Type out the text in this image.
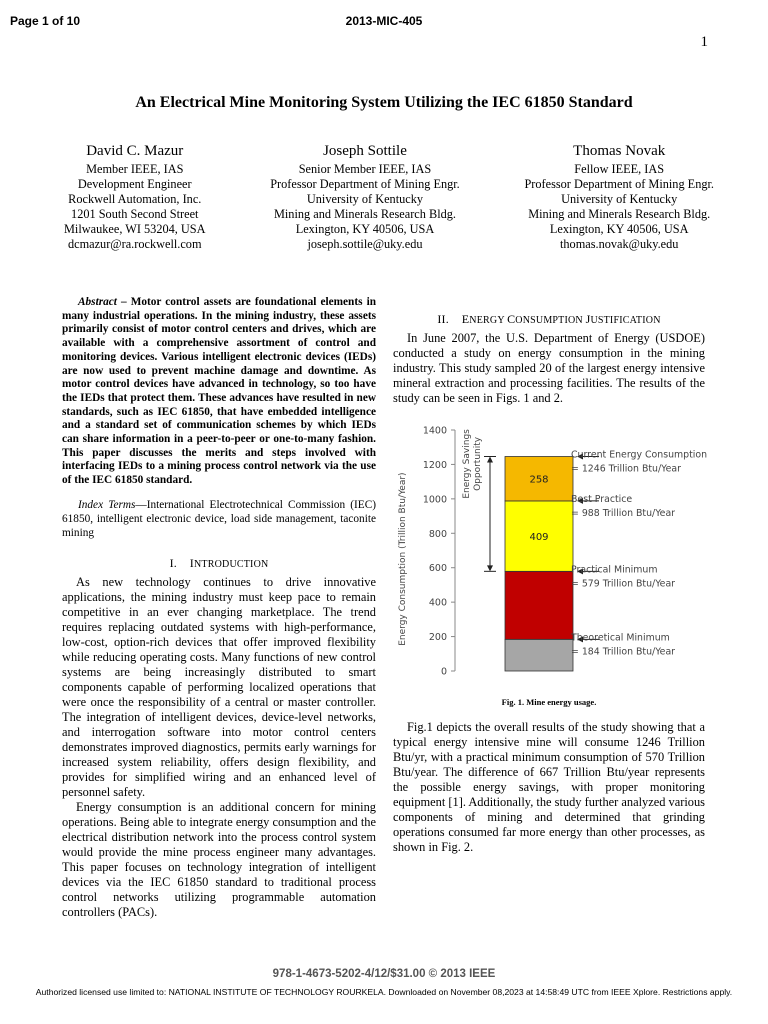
Page 1 of 10	2013-MIC-405
1
An Electrical Mine Monitoring System Utilizing the IEC 61850 Standard
David C. Mazur
Member IEEE, IAS
Development Engineer
Rockwell Automation, Inc.
1201 South Second Street
Milwaukee, WI 53204, USA
dcmazur@ra.rockwell.com
Joseph Sottile
Senior Member IEEE, IAS
Professor Department of Mining Engr.
University of Kentucky
Mining and Minerals Research Bldg.
Lexington, KY 40506, USA
joseph.sottile@uky.edu
Thomas Novak
Fellow IEEE, IAS
Professor Department of Mining Engr.
University of Kentucky
Mining and Minerals Research Bldg.
Lexington, KY 40506, USA
thomas.novak@uky.edu

Abstract – Motor control assets are foundational elements in many industrial operations. In the mining industry, these assets primarily consist of motor control centers and drives, which are available with a comprehensive assortment of control and monitoring devices. Various intelligent electronic devices (IEDs) are now used to prevent machine damage and downtime. As motor control devices have advanced in technology, so too have the IEDs that protect them. These advances have resulted in new standards, such as IEC 61850, that have embedded intelligence and a standard set of communication schemes by which IEDs can share information in a peer-to-peer or one-to-many fashion. This paper discusses the merits and steps involved with interfacing IEDs to a mining process control network via the use of the IEC 61850 standard.

Index Terms—International Electrotechnical Commission (IEC) 61850, intelligent electronic device, load side management, taconite mining

I. INTRODUCTION

As new technology continues to drive innovative applications, the mining industry must keep pace to remain competitive in an ever changing marketplace. The trend requires replacing outdated systems with high-performance, low-cost, option-rich devices that offer improved flexibility while reducing operating costs. Many functions of new control systems are being increasingly distributed to smart components capable of performing localized operations that were once the responsibility of a central or master controller. The integration of intelligent devices, device-level networks, and interrogation software into motor control centers demonstrates improved diagnostics, permits early warnings for increased system reliability, offers design flexibility, and provides for simplified wiring and an enhanced level of personnel safety.

Energy consumption is an additional concern for mining operations. Being able to integrate energy consumption and the electrical distribution network into the process control system would provide the mine process engineer many advantages. This paper focuses on technology integration of intelligent devices via the IEC 61850 standard to traditional process control networks utilizing programmable automation controllers (PACs).

II. ENERGY CONSUMPTION JUSTIFICATION

In June 2007, the U.S. Department of Energy (USDOE) conducted a study on energy consumption in the mining industry. This study sampled 20 of the largest energy intensive mineral extraction and processing facilities. The results of the study can be seen in Figs. 1 and 2.

0
200
400
600
800
1000
1200
1400
Energy Consumption (Trillion Btu/Year)	409
258
Current Energy Consumption
= 1246 Trillion Btu/Year
Best Practice
= 988 Trillion Btu/Year
Practical Minimum
= 579 Trillion Btu/Year
Theoretical Minimum
= 184 Trillion Btu/Year
Energy Savings Opportunity
Fig. 1. Mine energy usage.

Fig.1 depicts the overall results of the study showing that a typical energy intensive mine will consume 1246 Trillion Btu/yr, with a practical minimum consumption of 570 Trillion Btu/year. The difference of 667 Trillion Btu/year represents the possible energy savings, with proper monitoring equipment [1]. Additionally, the study further analyzed various components of mining and determined that grinding operations consumed far more energy than other processes, as shown in Fig. 2.

978-1-4673-5202-4/12/$31.00 © 2013 IEEE
Authorized licensed use limited to: NATIONAL INSTITUTE OF TECHNOLOGY ROURKELA. Downloaded on November 08,2023 at 14:58:49 UTC from IEEE Xplore. Restrictions apply.
